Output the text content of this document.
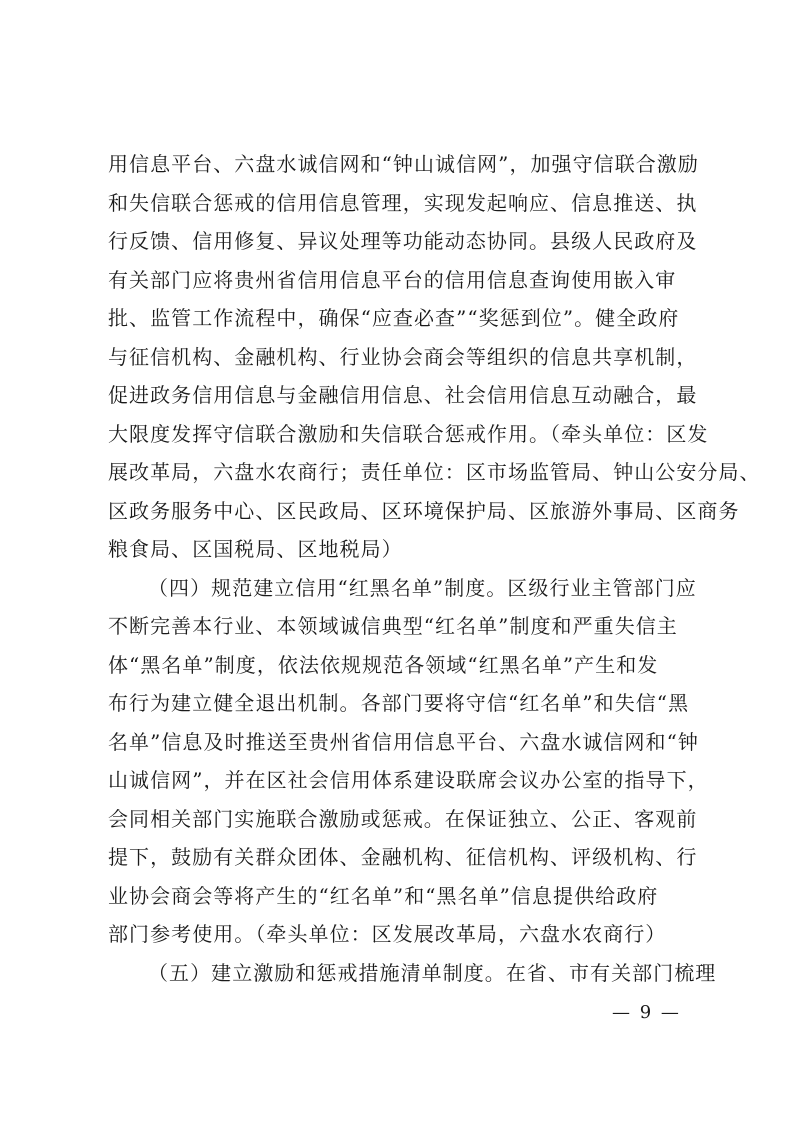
用信息平台、六盘水诚信网和“钟山诚信网”，加强守信联合激励
和失信联合惩戒的信用信息管理，实现发起响应、信息推送、执
行反馈、信用修复、异议处理等功能动态协同。县级人民政府及
有关部门应将贵州省信用信息平台的信用信息查询使用嵌入审
批、监管工作流程中，确保“应查必查”“奖惩到位”。健全政府
与征信机构、金融机构、行业协会商会等组织的信息共享机制，
促进政务信用信息与金融信用信息、社会信用信息互动融合，最
大限度发挥守信联合激励和失信联合惩戒作用。（牵头单位：区发
展改革局，六盘水农商行；责任单位：区市场监管局、钟山公安分局、
区政务服务中心、区民政局、区环境保护局、区旅游外事局、区商务
粮食局、区国税局、区地税局）
（四）规范建立信用“红黑名单”制度。区级行业主管部门应
不断完善本行业、本领域诚信典型“红名单”制度和严重失信主
体“黑名单”制度，依法依规规范各领域“红黑名单”产生和发
布行为建立健全退出机制。各部门要将守信“红名单”和失信“黑
名单”信息及时推送至贵州省信用信息平台、六盘水诚信网和“钟
山诚信网”，并在区社会信用体系建设联席会议办公室的指导下，
会同相关部门实施联合激励或惩戒。在保证独立、公正、客观前
提下，鼓励有关群众团体、金融机构、征信机构、评级机构、行
业协会商会等将产生的“红名单”和“黑名单”信息提供给政府
部门参考使用。（牵头单位：区发展改革局，六盘水农商行）
（五）建立激励和惩戒措施清单制度。在省、市有关部门梳理
— 9 —
